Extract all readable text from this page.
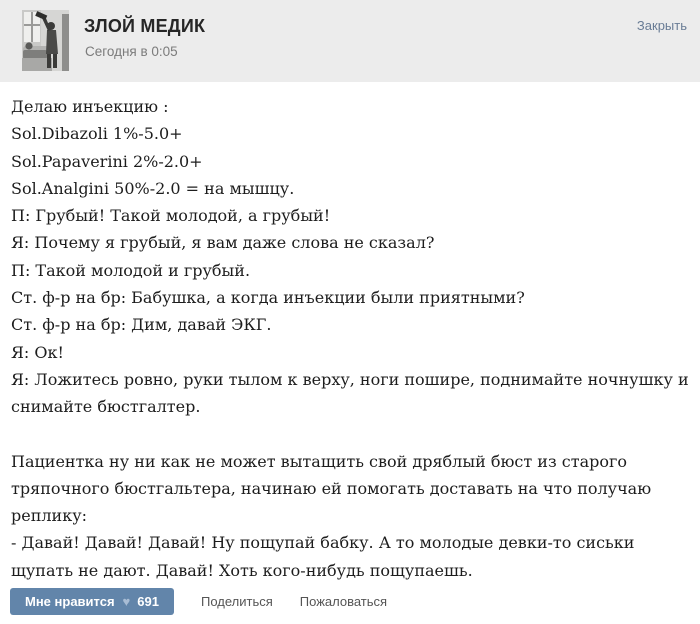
ЗЛОЙ МЕДИК
Сегодня в 0:05
Закрыть
Делаю инъекцию :
Sol.Dibazoli 1%-5.0+
Sol.Papaverini 2%-2.0+
Sol.Analgini 50%-2.0 = на мышцу.
П: Грубый! Такой молодой, а грубый!
Я: Почему я грубый, я вам даже слова не сказал?
П: Такой молодой и грубый.
Ст. ф-р на бр: Бабушка, а когда инъекции были приятными?
Ст. ф-р на бр: Дим, давай ЭКГ.
Я: Ок!
Я: Ложитесь ровно, руки тылом к верху, ноги пошире, поднимайте ночнушку и
снимайте бюстгалтер.
Пациентка ну ни как не может вытащить свой дряблый бюст из старого
тряпочного бюстгальтера, начинаю ей помогать доставать на что получаю
реплику:
- Давай! Давай! Давай! Ну пощупай бабку. А то молодые девки-то сиськи
щупать не дают. Давай! Хоть кого-нибудь пощупаешь.
Мне нравится ♥ 691	Поделиться Пожаловаться
